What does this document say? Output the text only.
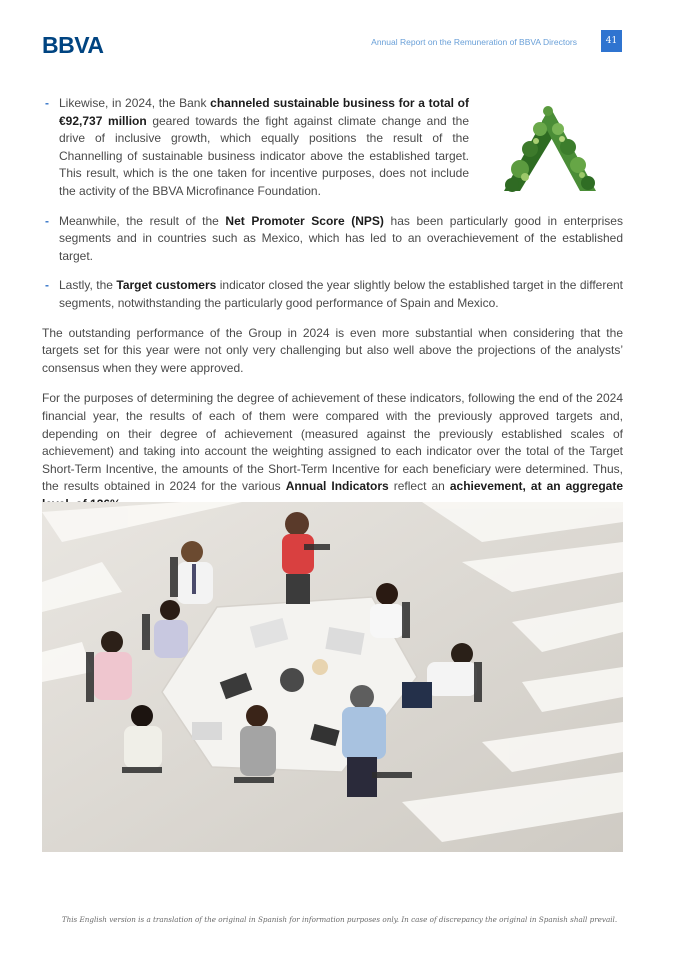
BBVA	Annual Report on the Remuneration of BBVA Directors	41
- Likewise, in 2024, the Bank channeled sustainable business for a total of €92,737 million geared towards the fight against climate change and the drive of inclusive growth, which equally positions the result of the Channelling of sustainable business indicator above the established target. This result, which is the one taken for incentive purposes, does not include the activity of the BBVA Microfinance Foundation.
- Meanwhile, the result of the Net Promoter Score (NPS) has been particularly good in enterprises segments and in countries such as Mexico, which has led to an overachievement of the established target.
- Lastly, the Target customers indicator closed the year slightly below the established target in the different segments, notwithstanding the particularly good performance of Spain and Mexico.

The outstanding performance of the Group in 2024 is even more substantial when considering that the targets set for this year were not only very challenging but also well above the projections of the analysts’ consensus when they were approved.

For the purposes of determining the degree of achievement of these indicators, following the end of the 2024 financial year, the results of each of them were compared with the previously approved targets and, depending on their degree of achievement (measured against the previously established scales of achievement) and taking into account the weighting assigned to each indicator over the total of the Target Short-Term Incentive, the amounts of the Short-Term Incentive for each beneficiary were determined. Thus, the results obtained in 2024 for the various Annual Indicators reflect an achievement, at an aggregate

This English version is a translation of the original in Spanish for information purposes only. In case of discrepancy the original in Spanish shall prevail.
